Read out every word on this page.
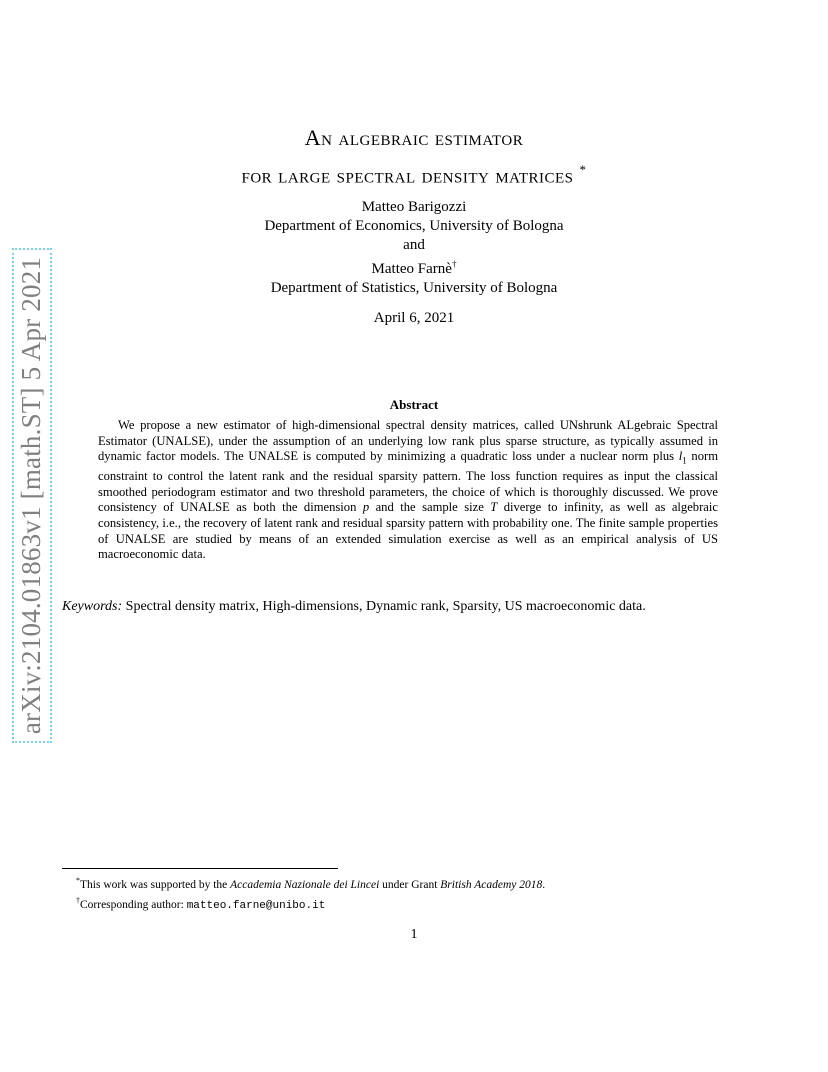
arXiv:2104.01863v1 [math.ST] 5 Apr 2021
An algebraic estimator
for large spectral density matrices *
Matteo Barigozzi
Department of Economics, University of Bologna
and
Matteo Farnè†
Department of Statistics, University of Bologna
April 6, 2021
Abstract
We propose a new estimator of high-dimensional spectral density matrices, called UNshrunk ALgebraic Spectral Estimator (UNALSE), under the assumption of an underlying low rank plus sparse structure, as typically assumed in dynamic factor models. The UNALSE is computed by minimizing a quadratic loss under a nuclear norm plus $l_1$ norm constraint to control the latent rank and the residual sparsity pattern. The loss function requires as input the classical smoothed periodogram estimator and two threshold parameters, the choice of which is thoroughly discussed. We prove consistency of UNALSE as both the dimension p and the sample size T diverge to infinity, as well as algebraic consistency, i.e., the recovery of latent rank and residual sparsity pattern with probability one. The finite sample properties of UNALSE are studied by means of an extended simulation exercise as well as an empirical analysis of US macroeconomic data.
Keywords: Spectral density matrix, High-dimensions, Dynamic rank, Sparsity, US macroeconomic data.
*This work was supported by the Accademia Nazionale dei Lincei under Grant British Academy 2018.
†Corresponding author: matteo.farne@unibo.it
1
